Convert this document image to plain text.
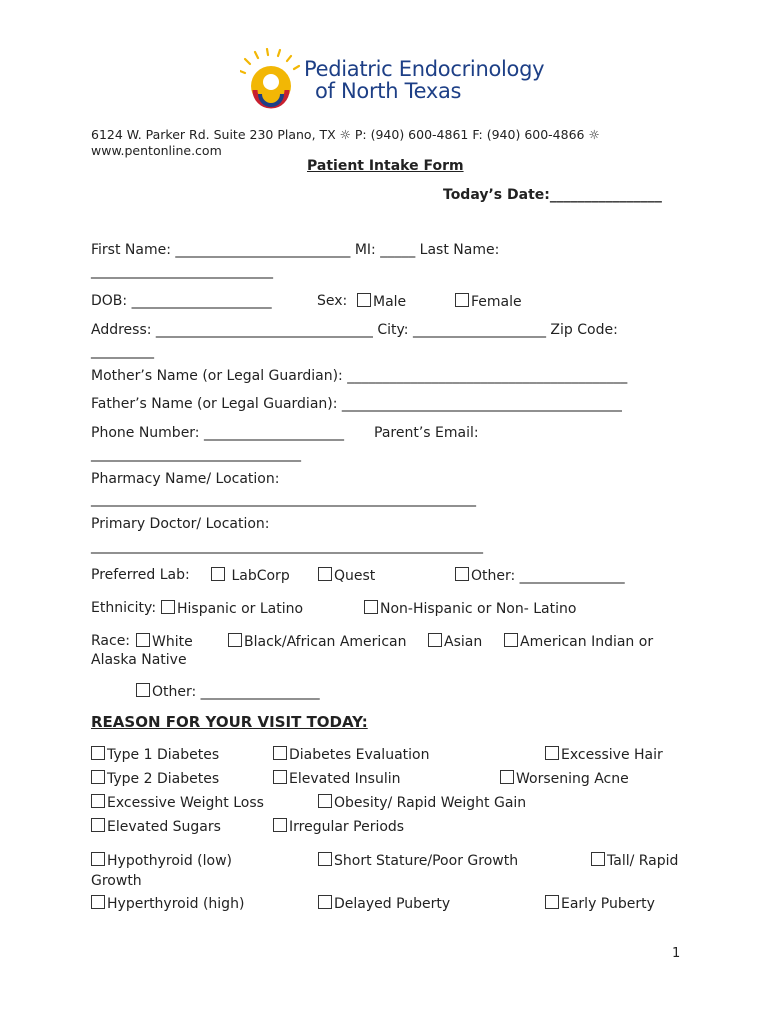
Pediatric Endocrinology
of North Texas
6124 W. Parker Rd. Suite 230 Plano, TX ☼ P: (940) 600-4861 F: (940) 600-4866 ☼
www.pentonline.com
Patient Intake Form
Today’s Date:________________
First Name: _________________________ MI: _____ Last Name:
__________________________
DOB: ____________________	Sex:	Male	Female
Address: _______________________________ City: ___________________ Zip Code:
_________
Mother’s Name (or Legal Guardian): ________________________________________
Father’s Name (or Legal Guardian): ________________________________________
Phone Number: ____________________ Parent’s Email:
______________________________
Pharmacy Name/ Location:
_______________________________________________________
Primary Doctor/ Location:
________________________________________________________
Preferred Lab:	LabCorp	Quest	Other: _______________
Ethnicity:	Hispanic or Latino	Non-Hispanic or Non- Latino
Race:	White	Black/African American	Asian	American Indian or
Alaska Native
Other: _________________
REASON FOR YOUR VISIT TODAY:
Type 1 Diabetes	Diabetes Evaluation	Excessive Hair
Type 2 Diabetes	Elevated Insulin	Worsening Acne
Excessive Weight Loss	Obesity/ Rapid Weight Gain
Elevated Sugars	Irregular Periods
Hypothyroid (low)	Short Stature/Poor Growth	Tall/ Rapid
Growth
Hyperthyroid (high)	Delayed Puberty	Early Puberty
1
